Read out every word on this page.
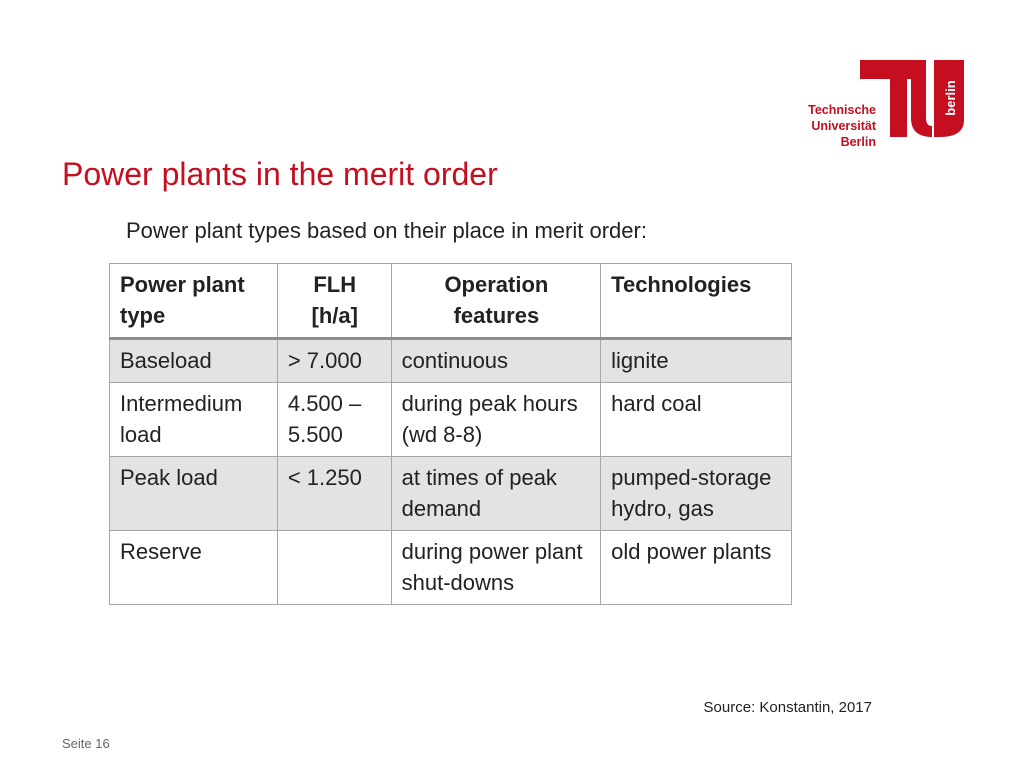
Technische
Universität
Berlin
berlin
Power plants in the merit order
Power plant types based on their place in merit order:
Power plant type	FLH [h/a]	Operation features	Technologies
Baseload	> 7.000	continuous	lignite
Intermedium load	4.500 – 5.500	during peak hours (wd 8-8)	hard coal
Peak load	< 1.250	at times of peak demand	pumped-storage hydro, gas
Reserve		during power plant shut-downs	old power plants
Source: Konstantin, 2017
Seite 16
